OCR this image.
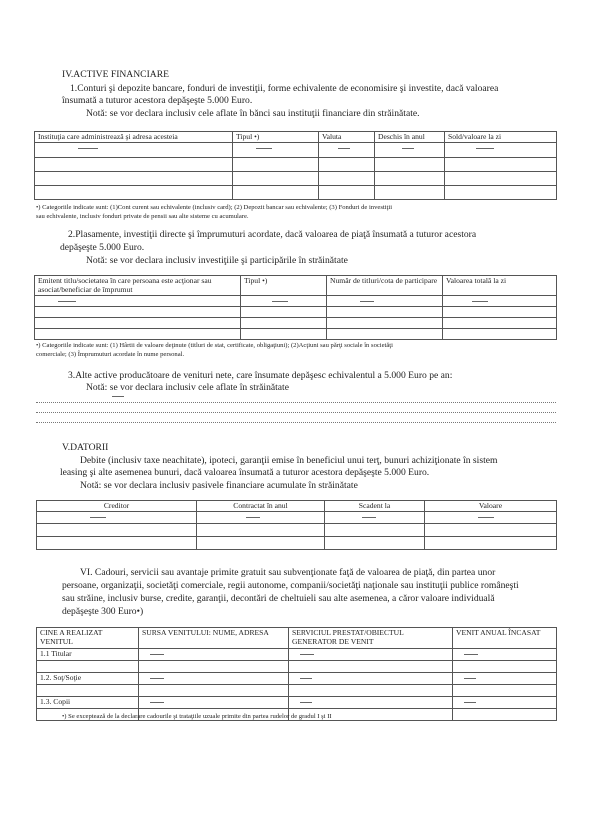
IV.ACTIVE FINANCIARE
1.Conturi şi depozite bancare, fonduri de investiţii, forme echivalente de economisire şi investite, dacă valoarea
însumată a tuturor acestora depăşeşte 5.000 Euro.
Notă: se vor declara inclusiv cele aflate în bănci sau instituţii financiare din străinătate.
Instituţia care administrează şi adresa acesteia	Tipul •)	Valuta	Deschis în anul	Sold/valoare la zi

•) Categoriile indicate sunt: (1)Cont curent sau echivalente (inclusiv card); (2) Depozit bancar sau echivalente; (3) Fonduri de investiţii
sau echivalente, inclusiv fonduri private de pensii sau alte sisteme cu acumulare.
2.Plasamente, investiţii directe şi împrumuturi acordate, dacă valoarea de piaţă însumată a tuturor acestora
depăşeşte 5.000 Euro.
Notă: se vor declara inclusiv investiţiile şi participările în străinătate
Emitent titlu/societatea în care persoana este acţionar sau asociat/beneficiar de împrumut	Tipul •)	Număr de titluri/cota de participare	Valoarea totală la zi

•) Categoriile indicate sunt: (1) Hârtii de valoare deţinute (titluri de stat, certificate, obligaţiuni); (2)Acţiuni sau părţi sociale în societăţi
comerciale; (3) Împrumuturi acordate în nume personal.
3.Alte active producătoare de venituri nete, care însumate depăşesc echivalentul a 5.000 Euro pe an:
Notă: se vor declara inclusiv cele aflate în străinătate
V.DATORII
Debite (inclusiv taxe neachitate), ipoteci, garanţii emise în beneficiul unui terţ, bunuri achiziţionate în sistem
leasing şi alte asemenea bunuri, dacă valoarea însumată a tuturor acestora depăşeşte 5.000 Euro.
Notă: se vor declara inclusiv pasivele financiare acumulate în străinătate
Creditor	Contractat în anul	Scadent la	Valoare

VI. Cadouri, servicii sau avantaje primite gratuit sau subvenţionate faţă de valoarea de piaţă, din partea unor
persoane, organizaţii, societăţi comerciale, regii autonome, companii/societăţi naţionale sau instituţii publice româneşti
sau străine, inclusiv burse, credite, garanţii, decontări de cheltuieli sau alte asemenea, a căror valoare individuală
depăşeşte 300 Euro•)
CINE A REALIZAT VENITUL	SURSA VENITULUI: NUME, ADRESA	SERVICIUL PRESTAT/OBIECTUL GENERATOR DE VENIT	VENIT ANUAL ÎNCASAT
1.1 Titular			

1.2. Soţ/Soţie			

1.3. Copii			

•) Se exceptează de la declarare cadourile şi trataţiile uzuale primite din partea rudelor de gradul I şi II
